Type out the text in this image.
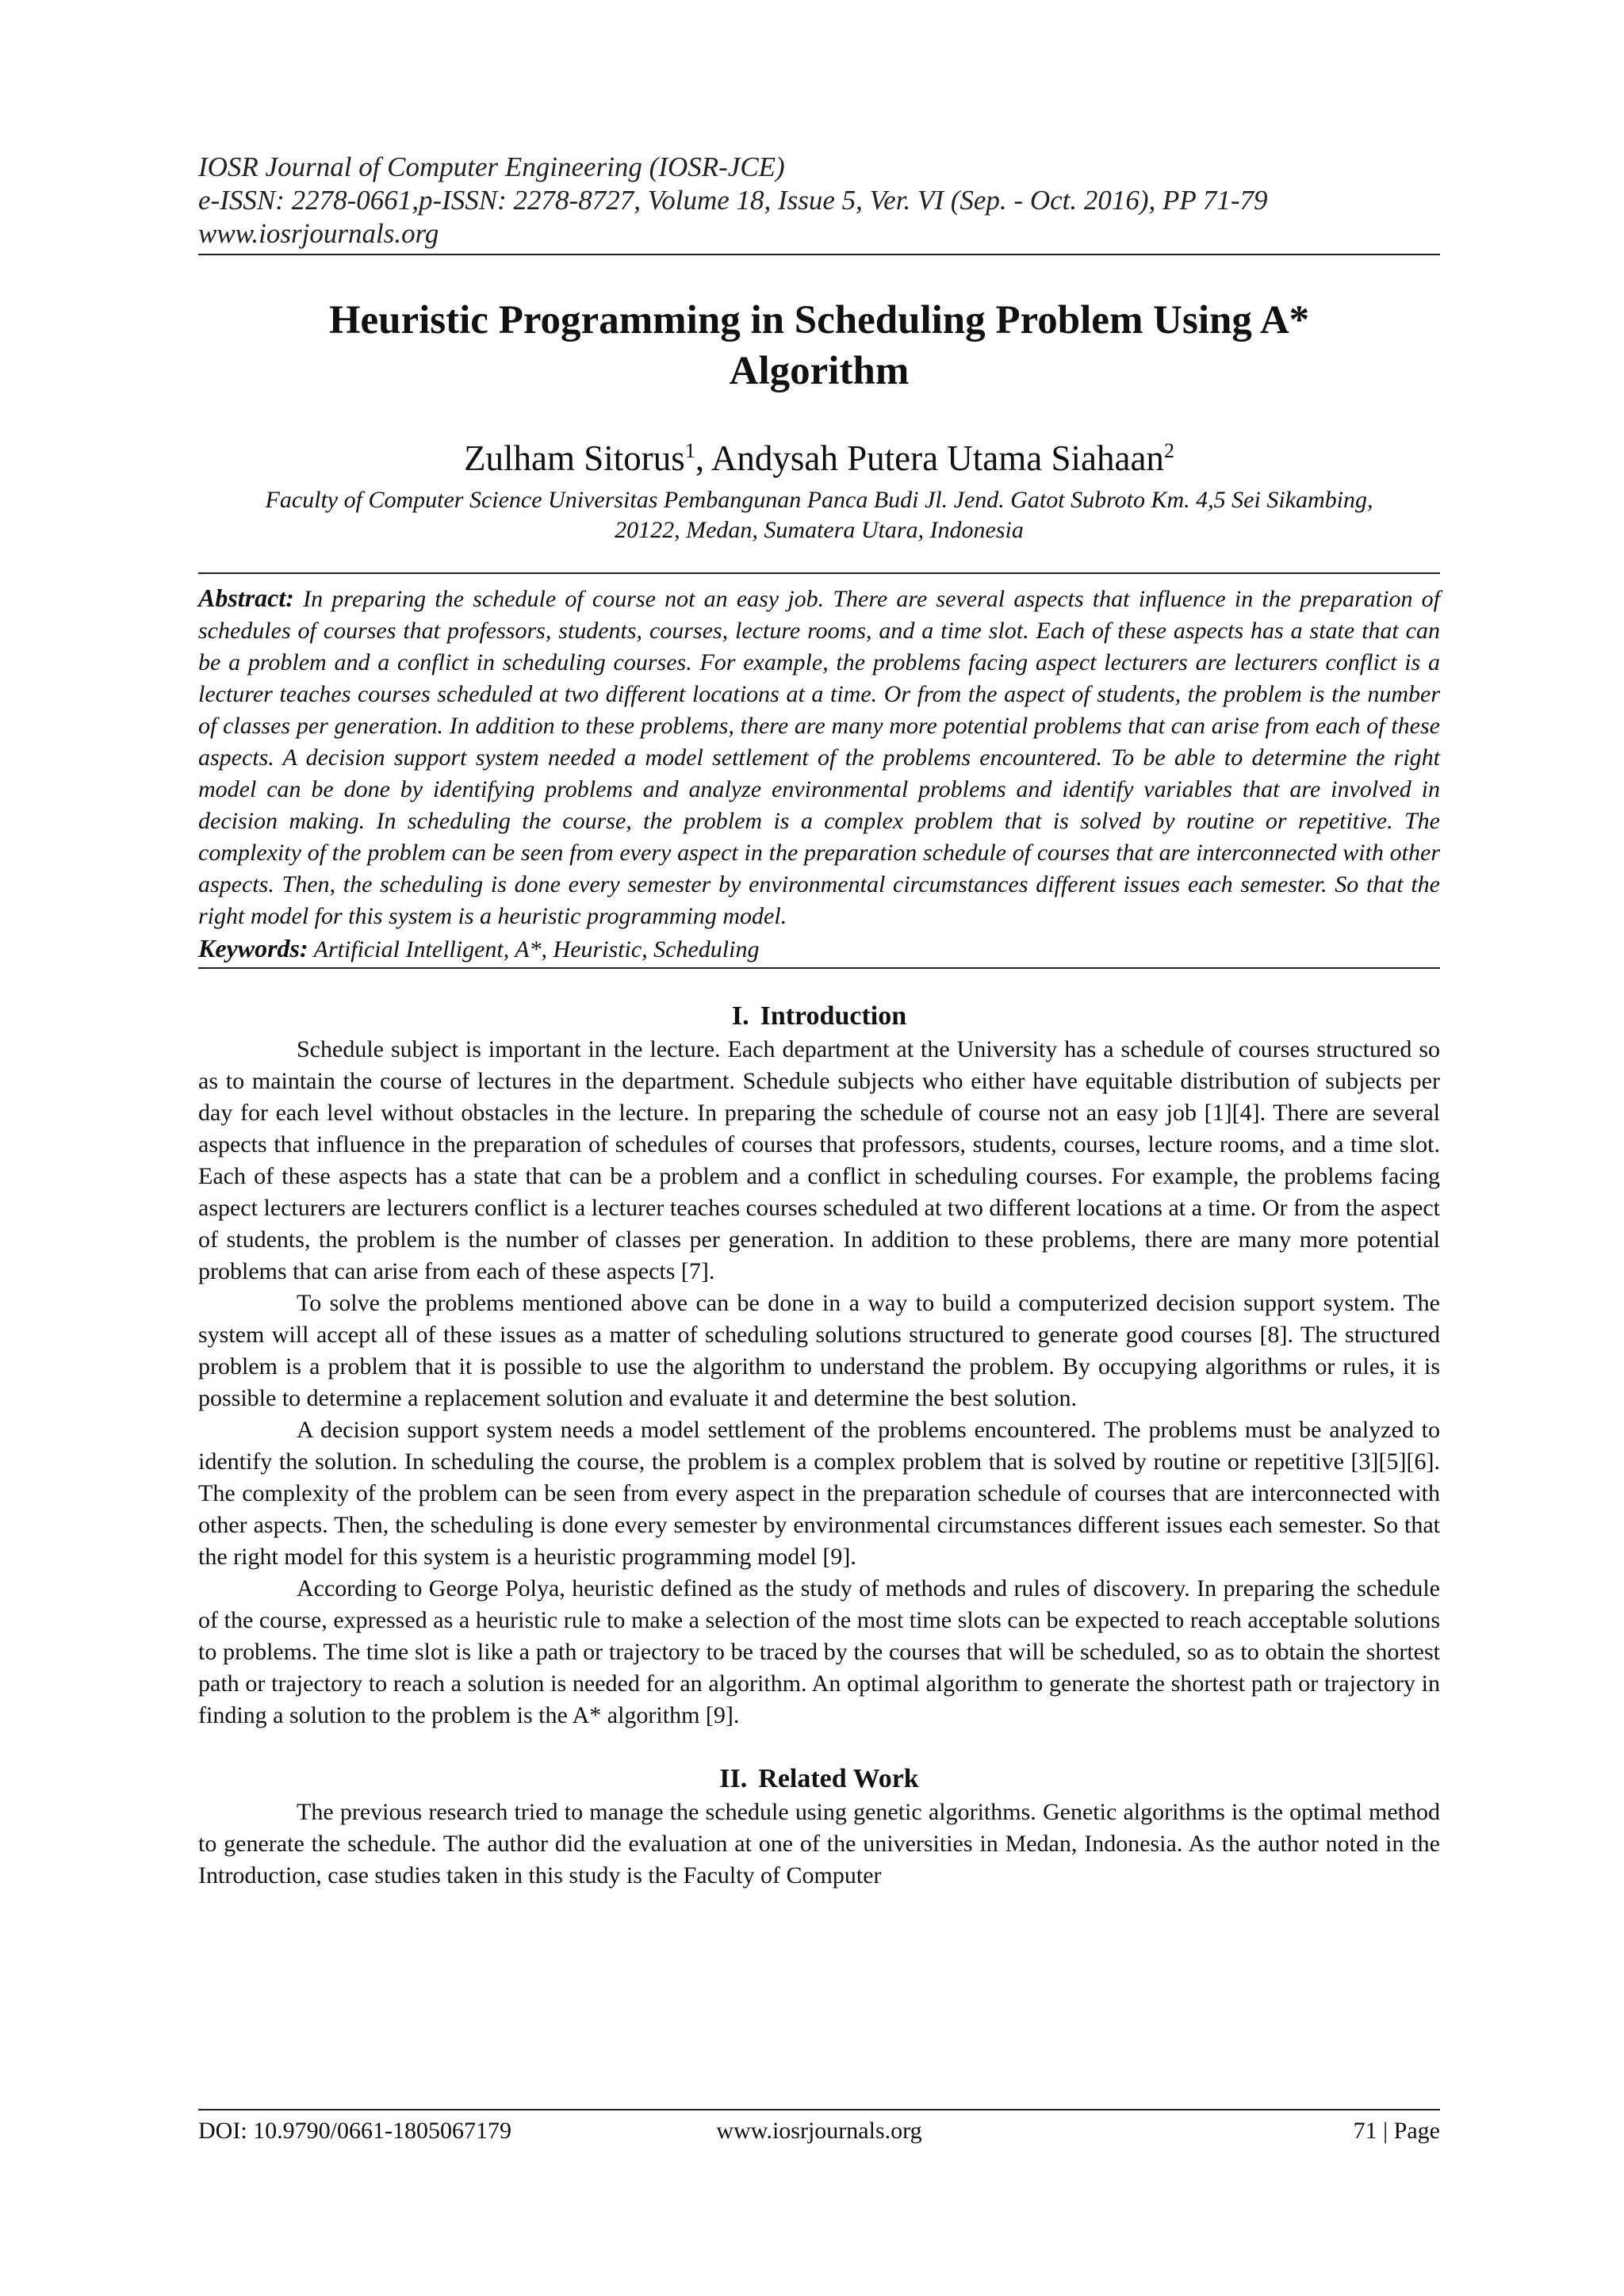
IOSR Journal of Computer Engineering (IOSR-JCE)
e-ISSN: 2278-0661,p-ISSN: 2278-8727, Volume 18, Issue 5, Ver. VI (Sep. - Oct. 2016), PP 71-79
www.iosrjournals.org
Heuristic Programming in Scheduling Problem Using A* Algorithm
Zulham Sitorus$^1$, Andysah Putera Utama Siahaan$^2$
Faculty of Computer Science Universitas Pembangunan Panca Budi Jl. Jend. Gatot Subroto Km. 4,5 Sei Sikambing, 20122, Medan, Sumatera Utara, Indonesia
Abstract: In preparing the schedule of course not an easy job. There are several aspects that influence in the preparation of schedules of courses that professors, students, courses, lecture rooms, and a time slot. Each of these aspects has a state that can be a problem and a conflict in scheduling courses. For example, the problems facing aspect lecturers are lecturers conflict is a lecturer teaches courses scheduled at two different locations at a time. Or from the aspect of students, the problem is the number of classes per generation. In addition to these problems, there are many more potential problems that can arise from each of these aspects. A decision support system needed a model settlement of the problems encountered. To be able to determine the right model can be done by identifying problems and analyze environmental problems and identify variables that are involved in decision making. In scheduling the course, the problem is a complex problem that is solved by routine or repetitive. The complexity of the problem can be seen from every aspect in the preparation schedule of courses that are interconnected with other aspects. Then, the scheduling is done every semester by environmental circumstances different issues each semester. So that the right model for this system is a heuristic programming model.
Keywords: Artificial Intelligent, A*, Heuristic, Scheduling
I. Introduction

Schedule subject is important in the lecture. Each department at the University has a schedule of courses structured so as to maintain the course of lectures in the department. Schedule subjects who either have equitable distribution of subjects per day for each level without obstacles in the lecture. In preparing the schedule of course not an easy job [1][4]. There are several aspects that influence in the preparation of schedules of courses that professors, students, courses, lecture rooms, and a time slot. Each of these aspects has a state that can be a problem and a conflict in scheduling courses. For example, the problems facing aspect lecturers are lecturers conflict is a lecturer teaches courses scheduled at two different locations at a time. Or from the aspect of students, the problem is the number of classes per generation. In addition to these problems, there are many more potential problems that can arise from each of these aspects [7].

To solve the problems mentioned above can be done in a way to build a computerized decision support system. The system will accept all of these issues as a matter of scheduling solutions structured to generate good courses [8]. The structured problem is a problem that it is possible to use the algorithm to understand the problem. By occupying algorithms or rules, it is possible to determine a replacement solution and evaluate it and determine the best solution.

A decision support system needs a model settlement of the problems encountered. The problems must be analyzed to identify the solution. In scheduling the course, the problem is a complex problem that is solved by routine or repetitive [3][5][6]. The complexity of the problem can be seen from every aspect in the preparation schedule of courses that are interconnected with other aspects. Then, the scheduling is done every semester by environmental circumstances different issues each semester. So that the right model for this system is a heuristic programming model [9].

According to George Polya, heuristic defined as the study of methods and rules of discovery. In preparing the schedule of the course, expressed as a heuristic rule to make a selection of the most time slots can be expected to reach acceptable solutions to problems. The time slot is like a path or trajectory to be traced by the courses that will be scheduled, so as to obtain the shortest path or trajectory to reach a solution is needed for an algorithm. An optimal algorithm to generate the shortest path or trajectory in finding a solution to the problem is the A* algorithm [9].

II. Related Work

The previous research tried to manage the schedule using genetic algorithms. Genetic algorithms is the optimal method to generate the schedule. The author did the evaluation at one of the universities in Medan, Indonesia. As the author noted in the Introduction, case studies taken in this study is the Faculty of Computer

DOI: 10.9790/0661-1805067179	www.iosrjournals.org	71 | Page
